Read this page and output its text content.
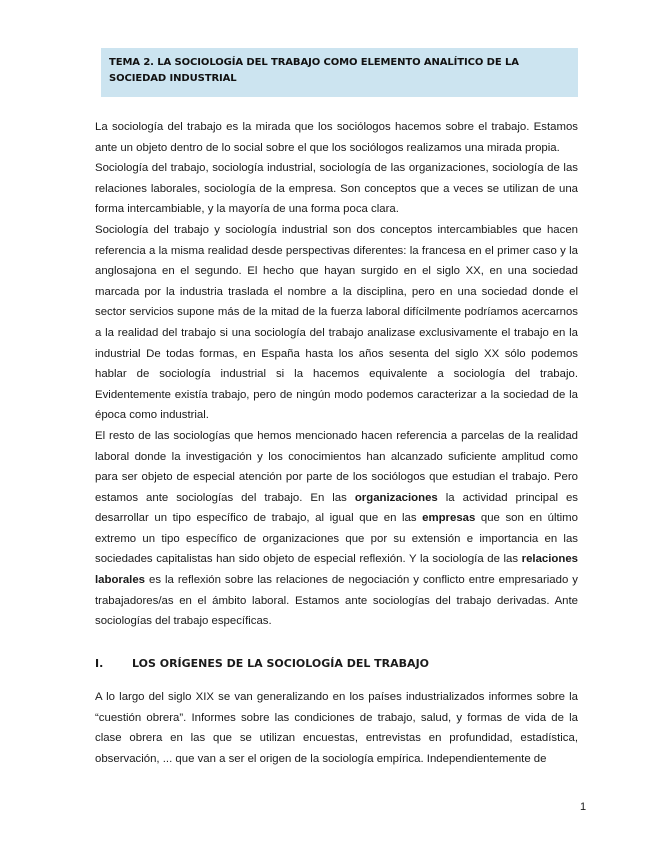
TEMA 2. LA SOCIOLOGÍA DEL TRABAJO COMO ELEMENTO ANALÍTICO DE LA SOCIEDAD INDUSTRIAL

La sociología del trabajo es la mirada que los sociólogos hacemos sobre el trabajo. Estamos ante un objeto dentro de lo social sobre el que los sociólogos realizamos una mirada propia.

Sociología del trabajo, sociología industrial, sociología de las organizaciones, sociología de las relaciones laborales, sociología de la empresa. Son conceptos que a veces se utilizan de una forma intercambiable, y la mayoría de una forma poca clara.

Sociología del trabajo y sociología industrial son dos conceptos intercambiables que hacen referencia a la misma realidad desde perspectivas diferentes: la francesa en el primer caso y la anglosajona en el segundo. El hecho que hayan surgido en el siglo XX, en una sociedad marcada por la industria traslada el nombre a la disciplina, pero en una sociedad donde el sector servicios supone más de la mitad de la fuerza laboral difícilmente podríamos acercarnos a la realidad del trabajo si una sociología del trabajo analizase exclusivamente el trabajo en la industrial De todas formas, en España hasta los años sesenta del siglo XX sólo podemos hablar de sociología industrial si la hacemos equivalente a sociología del trabajo. Evidentemente existía trabajo, pero de ningún modo podemos caracterizar a la sociedad de la época como industrial.

El resto de las sociologías que hemos mencionado hacen referencia a parcelas de la realidad laboral donde la investigación y los conocimientos han alcanzado suficiente amplitud como para ser objeto de especial atención por parte de los sociólogos que estudian el trabajo. Pero estamos ante sociologías del trabajo. En las organizaciones la actividad principal es desarrollar un tipo específico de trabajo, al igual que en las empresas que son en último extremo un tipo específico de organizaciones que por su extensión e importancia en las sociedades capitalistas han sido objeto de especial reflexión. Y la sociología de las relaciones laborales es la reflexión sobre las relaciones de negociación y conflicto entre empresariado y trabajadores/as en el ámbito laboral. Estamos ante sociologías del trabajo derivadas. Ante sociologías del trabajo específicas.

I.	LOS ORÍGENES DE LA SOCIOLOGÍA DEL TRABAJO

A lo largo del siglo XIX se van generalizando en los países industrializados informes sobre la “cuestión obrera”. Informes sobre las condiciones de trabajo, salud, y formas de vida de la clase obrera en las que se utilizan encuestas, entrevistas en profundidad, estadística, observación, ... que van a ser el origen de la sociología empírica. Independientemente de

1
